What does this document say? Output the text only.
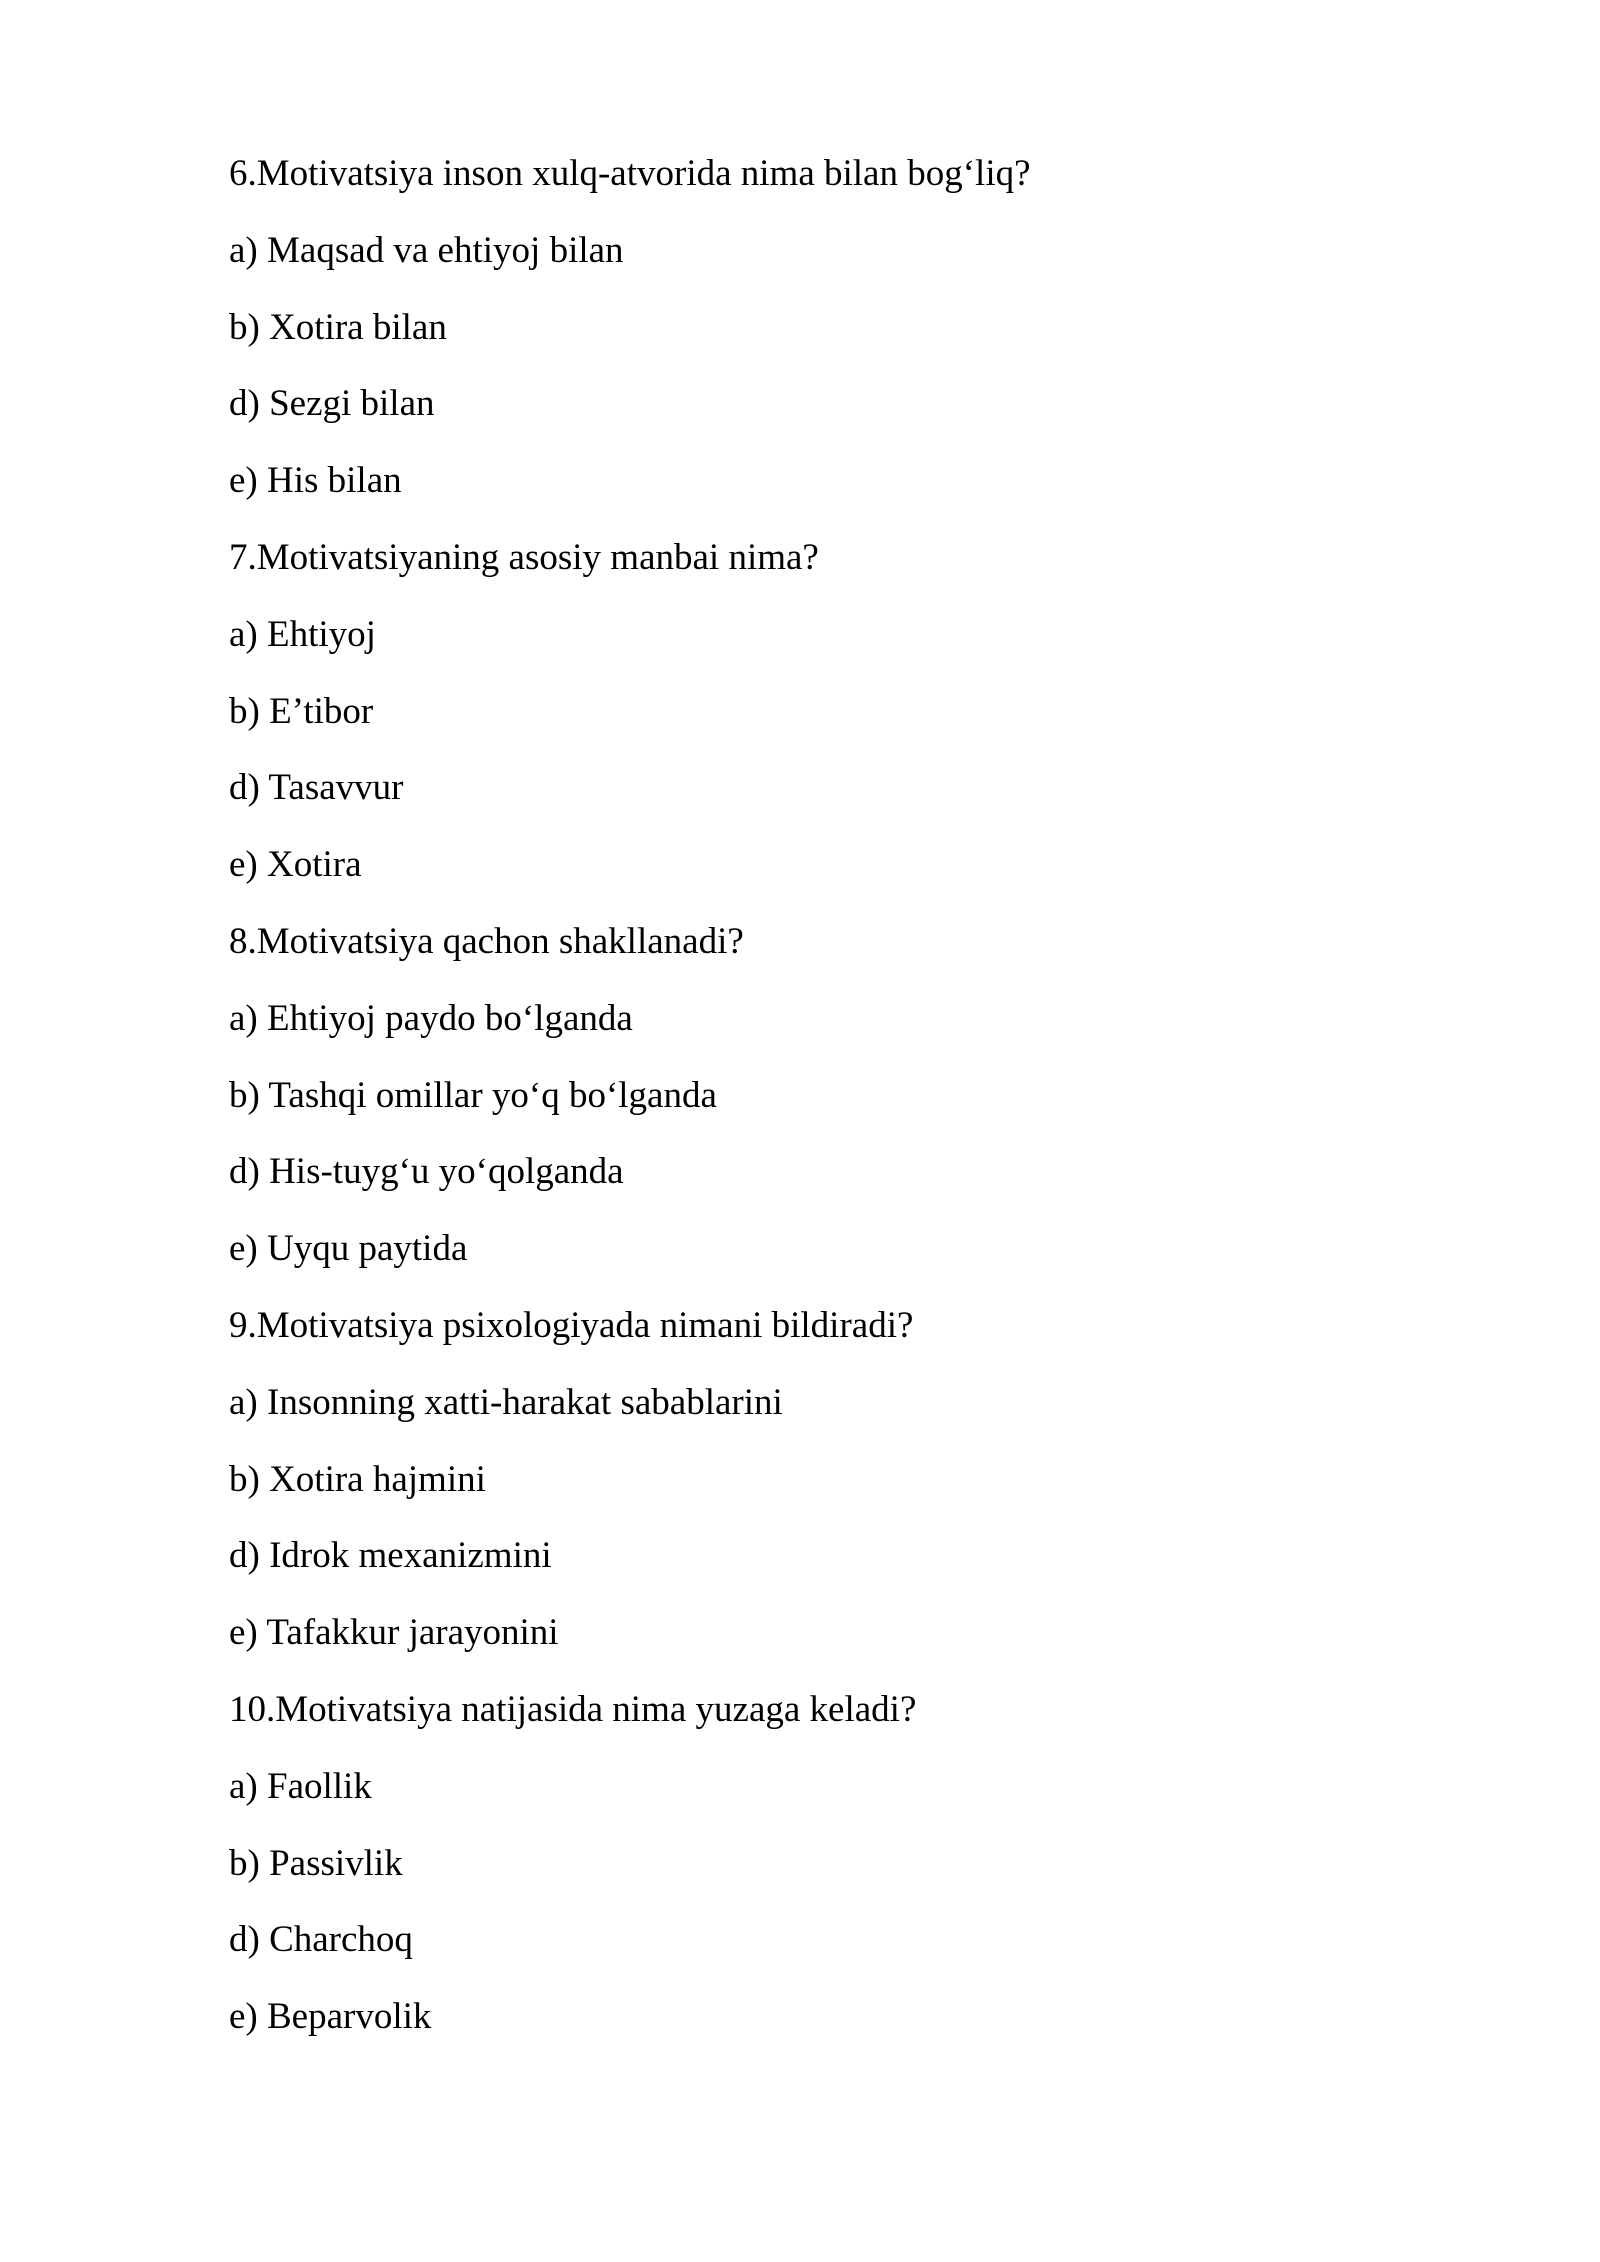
6.Motivatsiya inson xulq-atvorida nima bilan bog‘liq?
a) Maqsad va ehtiyoj bilan
b) Xotira bilan
d) Sezgi bilan
e) His bilan
7.Motivatsiyaning asosiy manbai nima?
a) Ehtiyoj
b) E’tibor
d) Tasavvur
e) Xotira
8.Motivatsiya qachon shakllanadi?
a) Ehtiyoj paydo bo‘lganda
b) Tashqi omillar yo‘q bo‘lganda
d) His-tuyg‘u yo‘qolganda
e) Uyqu paytida
9.Motivatsiya psixologiyada nimani bildiradi?
a) Insonning xatti-harakat sabablarini
b) Xotira hajmini
d) Idrok mexanizmini
e) Tafakkur jarayonini
10.Motivatsiya natijasida nima yuzaga keladi?
a) Faollik
b) Passivlik
d) Charchoq
e) Beparvolik
